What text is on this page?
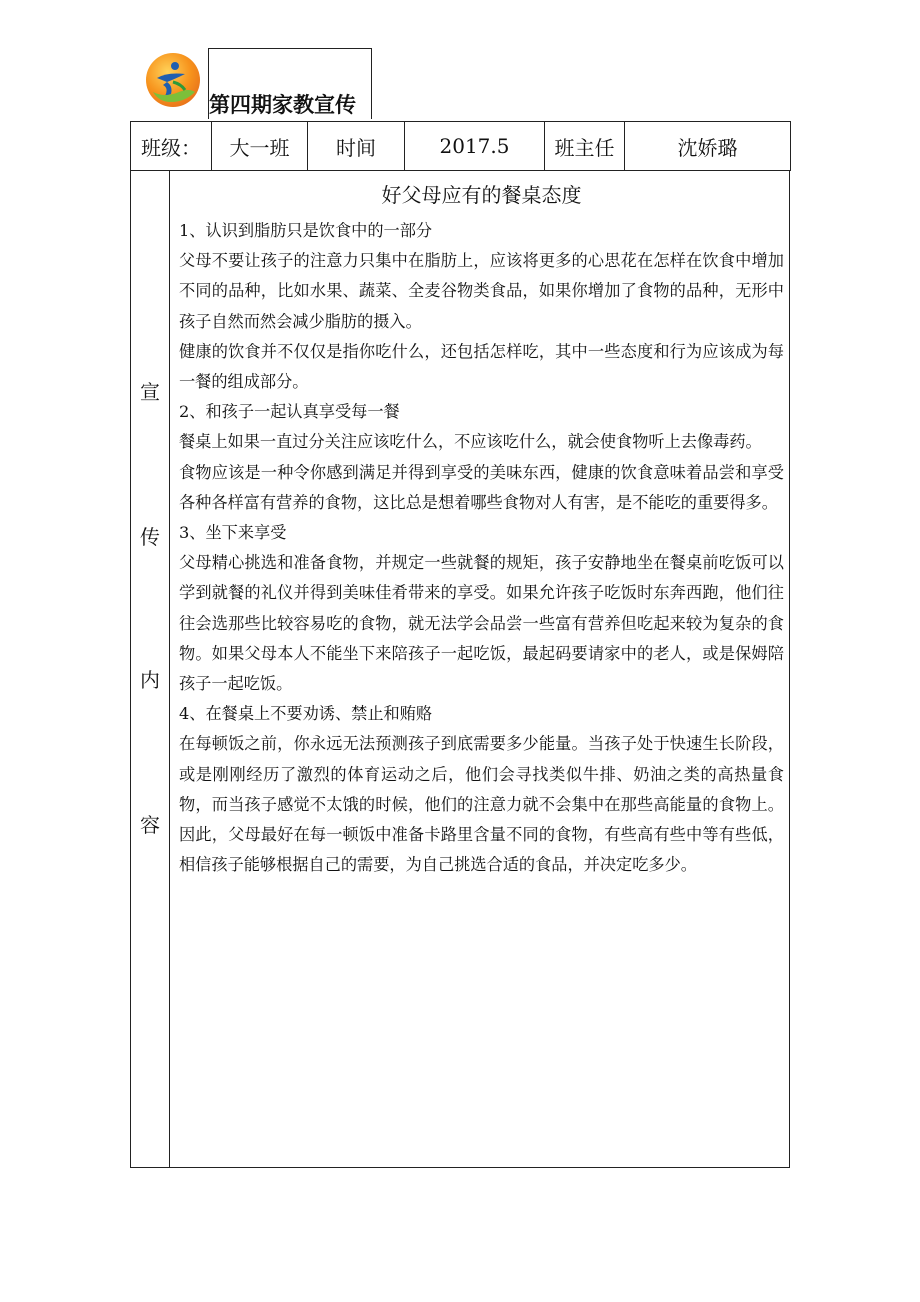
第四期家教宣传
班级：	大一班	时间	2017.5	班主任	沈娇璐
宣
传
内
容
好父母应有的餐桌态度

1、认识到脂肪只是饮食中的一部分

父母不要让孩子的注意力只集中在脂肪上，应该将更多的心思花在怎样在饮食中增加不同的品种，比如水果、蔬菜、全麦谷物类食品，如果你增加了食物的品种，无形中孩子自然而然会减少脂肪的摄入。

健康的饮食并不仅仅是指你吃什么，还包括怎样吃，其中一些态度和行为应该成为每一餐的组成部分。

2、和孩子一起认真享受每一餐

餐桌上如果一直过分关注应该吃什么，不应该吃什么，就会使食物听上去像毒药。

食物应该是一种令你感到满足并得到享受的美味东西，健康的饮食意味着品尝和享受各种各样富有营养的食物，这比总是想着哪些食物对人有害，是不能吃的重要得多。

3、坐下来享受

父母精心挑选和准备食物，并规定一些就餐的规矩，孩子安静地坐在餐桌前吃饭可以学到就餐的礼仪并得到美味佳肴带来的享受。如果允许孩子吃饭时东奔西跑，他们往往会选那些比较容易吃的食物，就无法学会品尝一些富有营养但吃起来较为复杂的食物。如果父母本人不能坐下来陪孩子一起吃饭，最起码要请家中的老人，或是保姆陪孩子一起吃饭。

4、在餐桌上不要劝诱、禁止和贿赂

在每顿饭之前，你永远无法预测孩子到底需要多少能量。当孩子处于快速生长阶段，或是刚刚经历了激烈的体育运动之后，他们会寻找类似牛排、奶油之类的高热量食物，而当孩子感觉不太饿的时候，他们的注意力就不会集中在那些高能量的食物上。因此，父母最好在每一顿饭中准备卡路里含量不同的食物，有些高有些中等有些低，相信孩子能够根据自己的需要，为自己挑选合适的食品，并决定吃多少。
